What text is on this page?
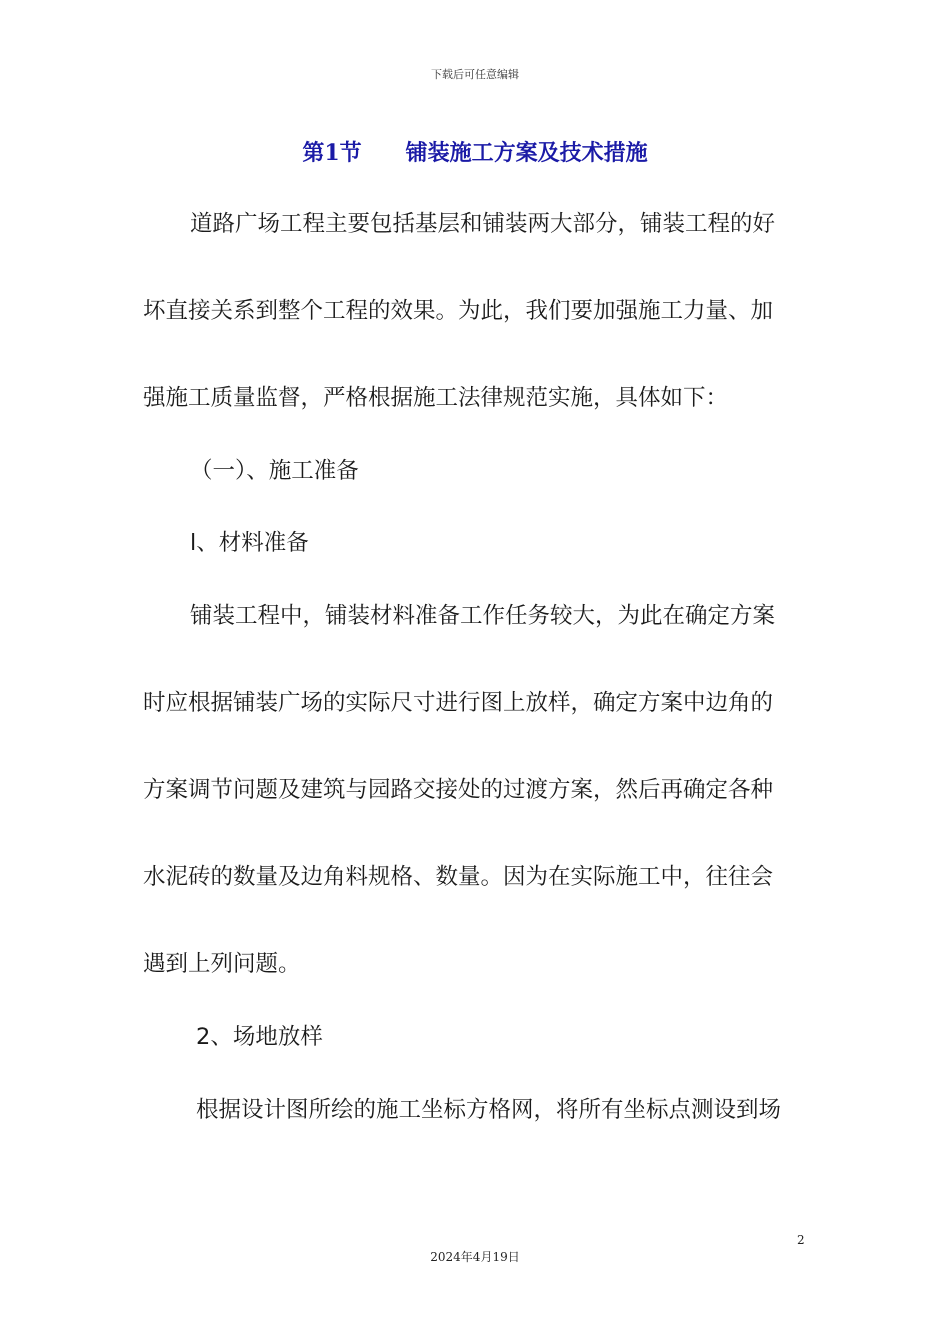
下载后可任意编辑
第1节 铺装施工方案及技术措施
道路广场工程主要包括基层和铺装两大部分，铺装工程的好
坏直接关系到整个工程的效果。为此，我们要加强施工力量、加
强施工质量监督，严格根据施工法律规范实施，具体如下：
（一）、施工准备
l、材料准备
铺装工程中，铺装材料准备工作任务较大，为此在确定方案
时应根据铺装广场的实际尺寸进行图上放样，确定方案中边角的
方案调节问题及建筑与园路交接处的过渡方案，然后再确定各种
水泥砖的数量及边角料规格、数量。因为在实际施工中，往往会
遇到上列问题。
2、场地放样
根据设计图所绘的施工坐标方格网，将所有坐标点测设到场
2
2024年4月19日
